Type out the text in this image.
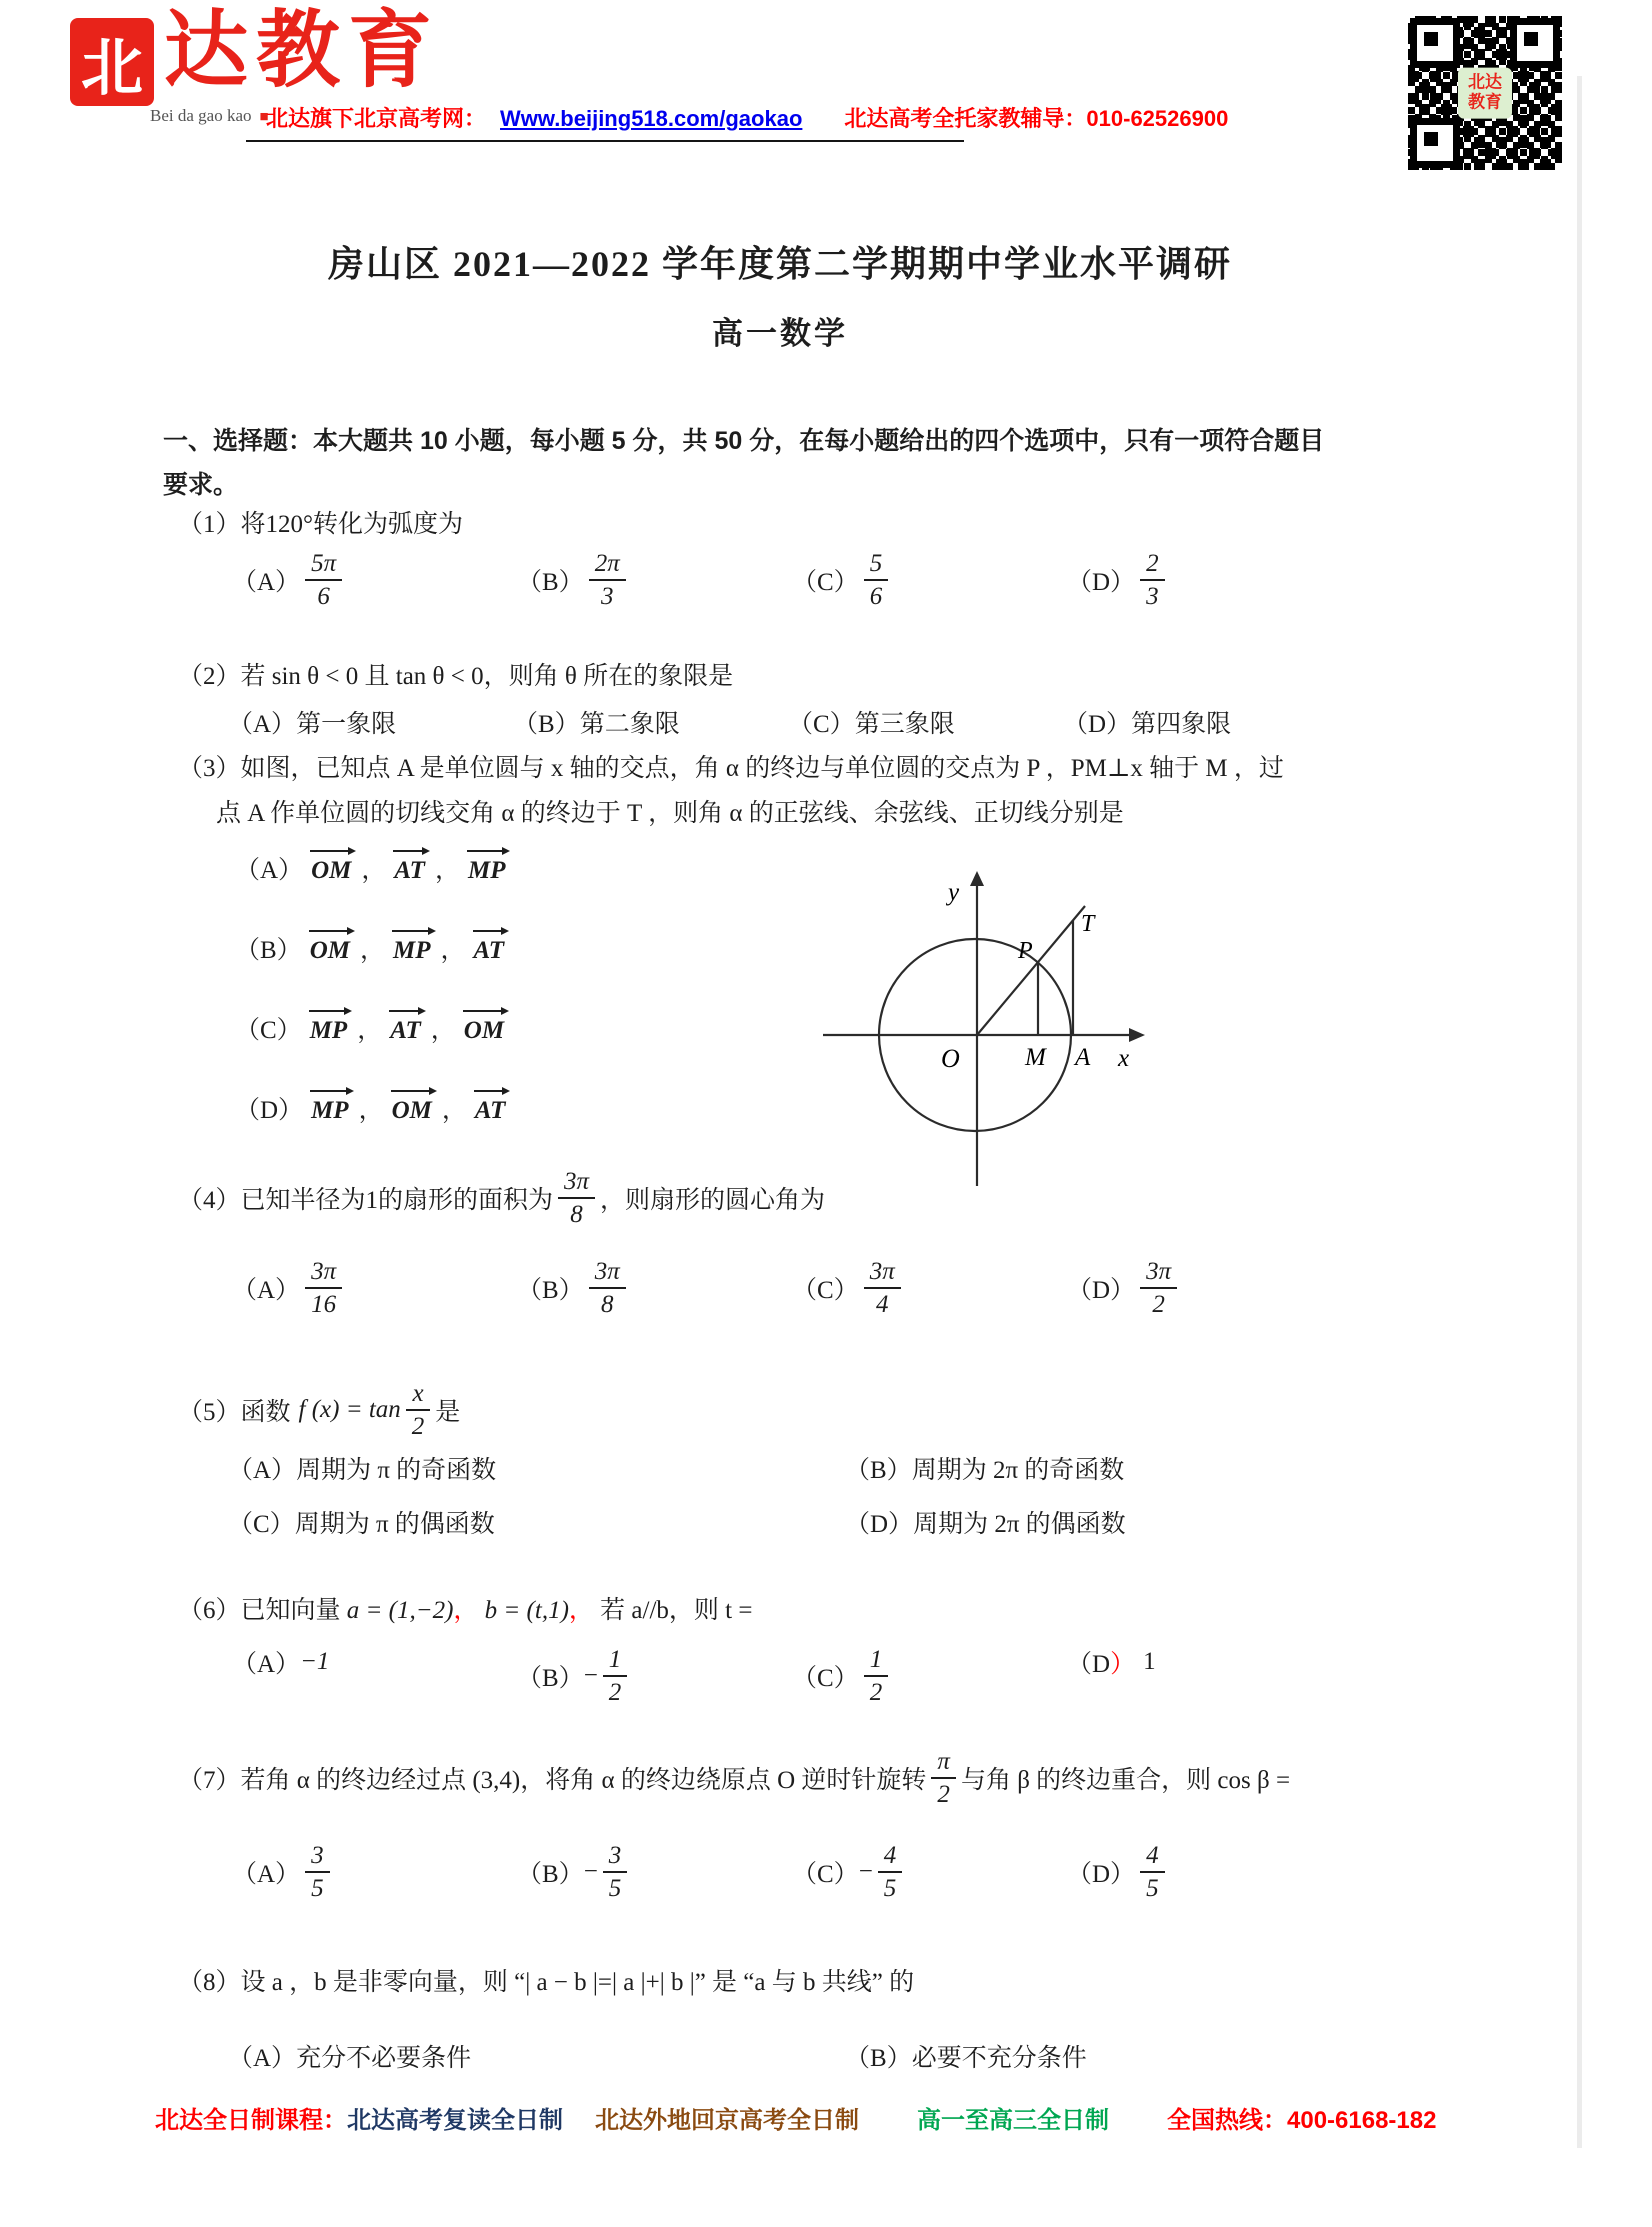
北 达教育
Bei da gao kao ■
北达旗下北京高考网： Www.beijing518.com/gaokao 北达高考全托家教辅导：010-62526900
北达教育
房山区 2021—2022 学年度第二学期期中学业水平调研
高一数学
一、选择题：本大题共 10 小题，每小题 5 分，共 50 分，在每小题给出的四个选项中，只有一项符合题目
要求。
（1）将120°转化为弧度为
$(A) \frac{5\pi}{6}$	$(B) \frac{2\pi}{3}$	$(C) \frac{5}{6}$	$(D) \frac{2}{3}$
（2）若 sin θ < 0 且 tan θ < 0，则角 θ 所在的象限是
（A） 第一象限	（B） 第二象限	（C） 第三象限	（D） 第四象限
（3）如图，已知点 A 是单位圆与 x 轴的交点，角 α 的终边与单位圆的交点为 P ，PM⊥x 轴于 M ，过
点 A 作单位圆的切线交角 α 的终边于 T ，则角 α 的正弦线、余弦线、正切线分别是
（A） OM ， AT ， MP
（B） OM ， MP ， AT
（C） MP ， AT ， OM
（D） MP ， OM ， AT
y
x
O	M A
P
T
（4）已知半径为1的扇形的面积为 $\frac{3\pi}{8}$ ，则扇形的圆心角为
$(A) \frac{3\pi}{16}$	$(B) \frac{3\pi}{8}$	$(C) \frac{3\pi}{4}$	$(D) \frac{3\pi}{2}$
（5）函数 f $(x) = \tan \frac{x}{2}$ 是
（A） 周期为 π 的奇函数	（B） 周期为 2π 的奇函数
（C） 周期为 π 的偶函数	（D） 周期为 2π 的偶函数
（6）已知向量 a = (1,−2)， b = (t,1)， 若 a//b，则 t =
（A） −1
$(B) - \frac{1}{2}$	$(C) \frac{1}{2}$	（D ） 1
（7）若角 α 的终边经过点 (3,4)，将角 α 的终边绕原点 O 逆时针旋转 $\frac{\pi}{2}$ 与角 β 的终边重合，则 cos β =
$(A) \frac{3}{5}$	$(B) - \frac{3}{5}$	$(C) - \frac{4}{5}$	$(D) \frac{4}{5}$
（8）设 a ，b 是非零向量，则 “| a − b |=| a |+| b |” 是 “a 与 b 共线” 的
（A） 充分不必要条件	（B） 必要不充分条件
北达全日制课程：北达高考复读全日制 北达外地回京高考全日制 高一至高三全日制 全国热线：400-6168-182
